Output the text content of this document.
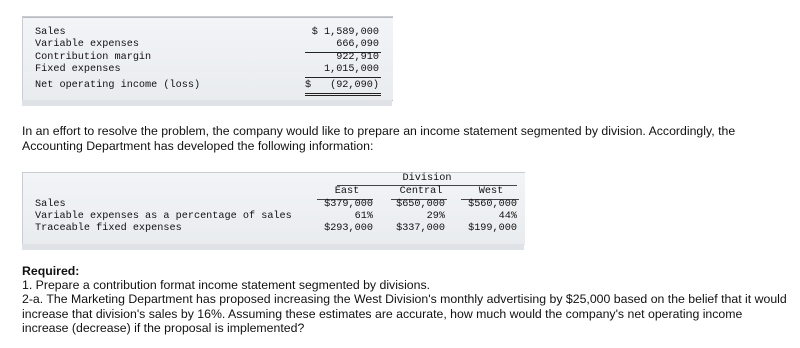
Sales	$ 1,589,000
Variable expenses	666,090
Contribution margin	922,910
Fixed expenses	1,015,000
Net operating income (loss)	$ (92,090)
In an effort to resolve the problem, the company would like to prepare an income statement segmented by division. Accordingly, the Accounting Department has developed the following information:
Division
East	Central	West
Sales	$379,000 $650,000 $560,000
Variable expenses as a percentage of sales	61%	29%	44%
Traceable fixed expenses	$293,000 $337,000 $199,000
Required:
1. Prepare a contribution format income statement segmented by divisions.
2-a. The Marketing Department has proposed increasing the West Division's monthly advertising by $25,000 based on the belief that it would increase that division's sales by 16%. Assuming these estimates are accurate, how much would the company's net operating income increase (decrease) if the proposal is implemented?
